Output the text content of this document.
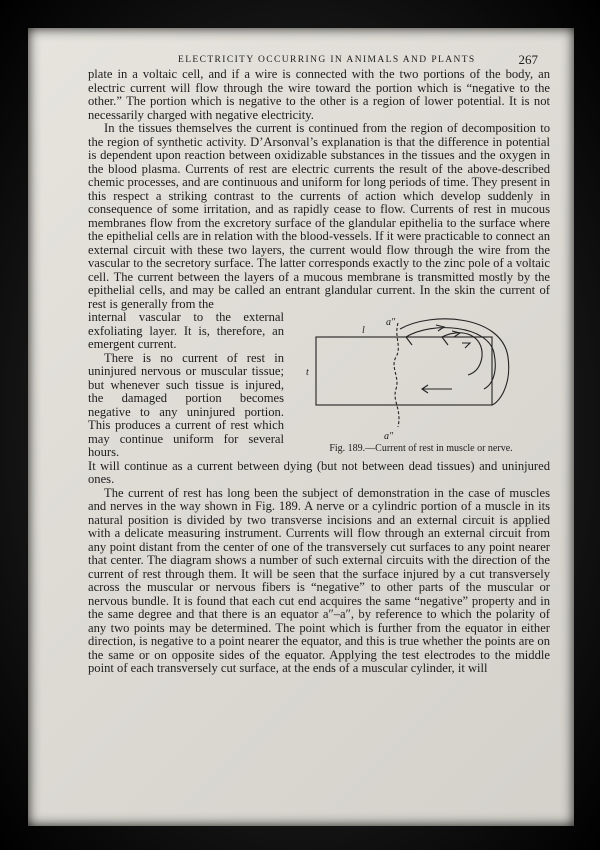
ELECTRICITY OCCURRING IN ANIMALS AND PLANTS	267

plate in a voltaic cell, and if a wire is connected with the two portions of the body, an electric current will flow through the wire toward the portion which is “negative to the other.” The portion which is negative to the other is a region of lower potential. It is not necessarily charged with negative electricity.

In the tissues themselves the current is continued from the region of decomposition to the region of synthetic activity. D’Arsonval’s explanation is that the difference in potential is dependent upon reaction between oxidizable substances in the tissues and the oxygen in the blood plasma. Currents of rest are electric currents the result of the above-described chemic processes, and are continuous and uniform for long periods of time. They present in this respect a striking contrast to the currents of action which develop suddenly in consequence of some irritation, and as rapidly cease to flow. Currents of rest in mucous membranes flow from the excretory surface of the glandular epithelia to the surface where the epithelial cells are in relation with the blood-vessels. If it were practicable to connect an external circuit with these two layers, the current would flow through the wire from the vascular to the secretory surface. The latter corresponds exactly to the zinc pole of a voltaic cell. The current between the layers of a mucous membrane is transmitted mostly by the epithelial cells, and may be called an entrant glandular current. In the skin the current of rest is generally from the

internal vascular to the external exfoliating layer. It is, therefore, an emergent current.

There is no current of rest in uninjured nervous or muscular tissue; but whenever such tissue is injured, the damaged portion becomes negative to any uninjured portion. This produces a current of rest which may continue uniform for several hours.

a″
a″
l
t
Fig. 189.—Current of rest in muscle or nerve.

It will continue as a current between dying (but not between dead tissues) and uninjured ones.

The current of rest has long been the subject of demonstration in the case of muscles and nerves in the way shown in Fig. 189. A nerve or a cylindric portion of a muscle in its natural position is divided by two transverse incisions and an external circuit is applied with a delicate measuring instrument. Currents will flow through an external circuit from any point distant from the center of one of the transversely cut surfaces to any point nearer that center. The diagram shows a number of such external circuits with the direction of the current of rest through them. It will be seen that the surface injured by a cut transversely across the muscular or nervous fibers is “negative” to other parts of the muscular or nervous bundle. It is found that each cut end acquires the same “negative” property and in the same degree and that there is an equator a″–a″, by reference to which the polarity of any two points may be determined. The point which is further from the equator in either direction, is negative to a point nearer the equator, and this is true whether the points are on the same or on opposite sides of the equator. Applying the test electrodes to the middle point of each transversely cut surface, at the ends of a muscular cylinder, it will
